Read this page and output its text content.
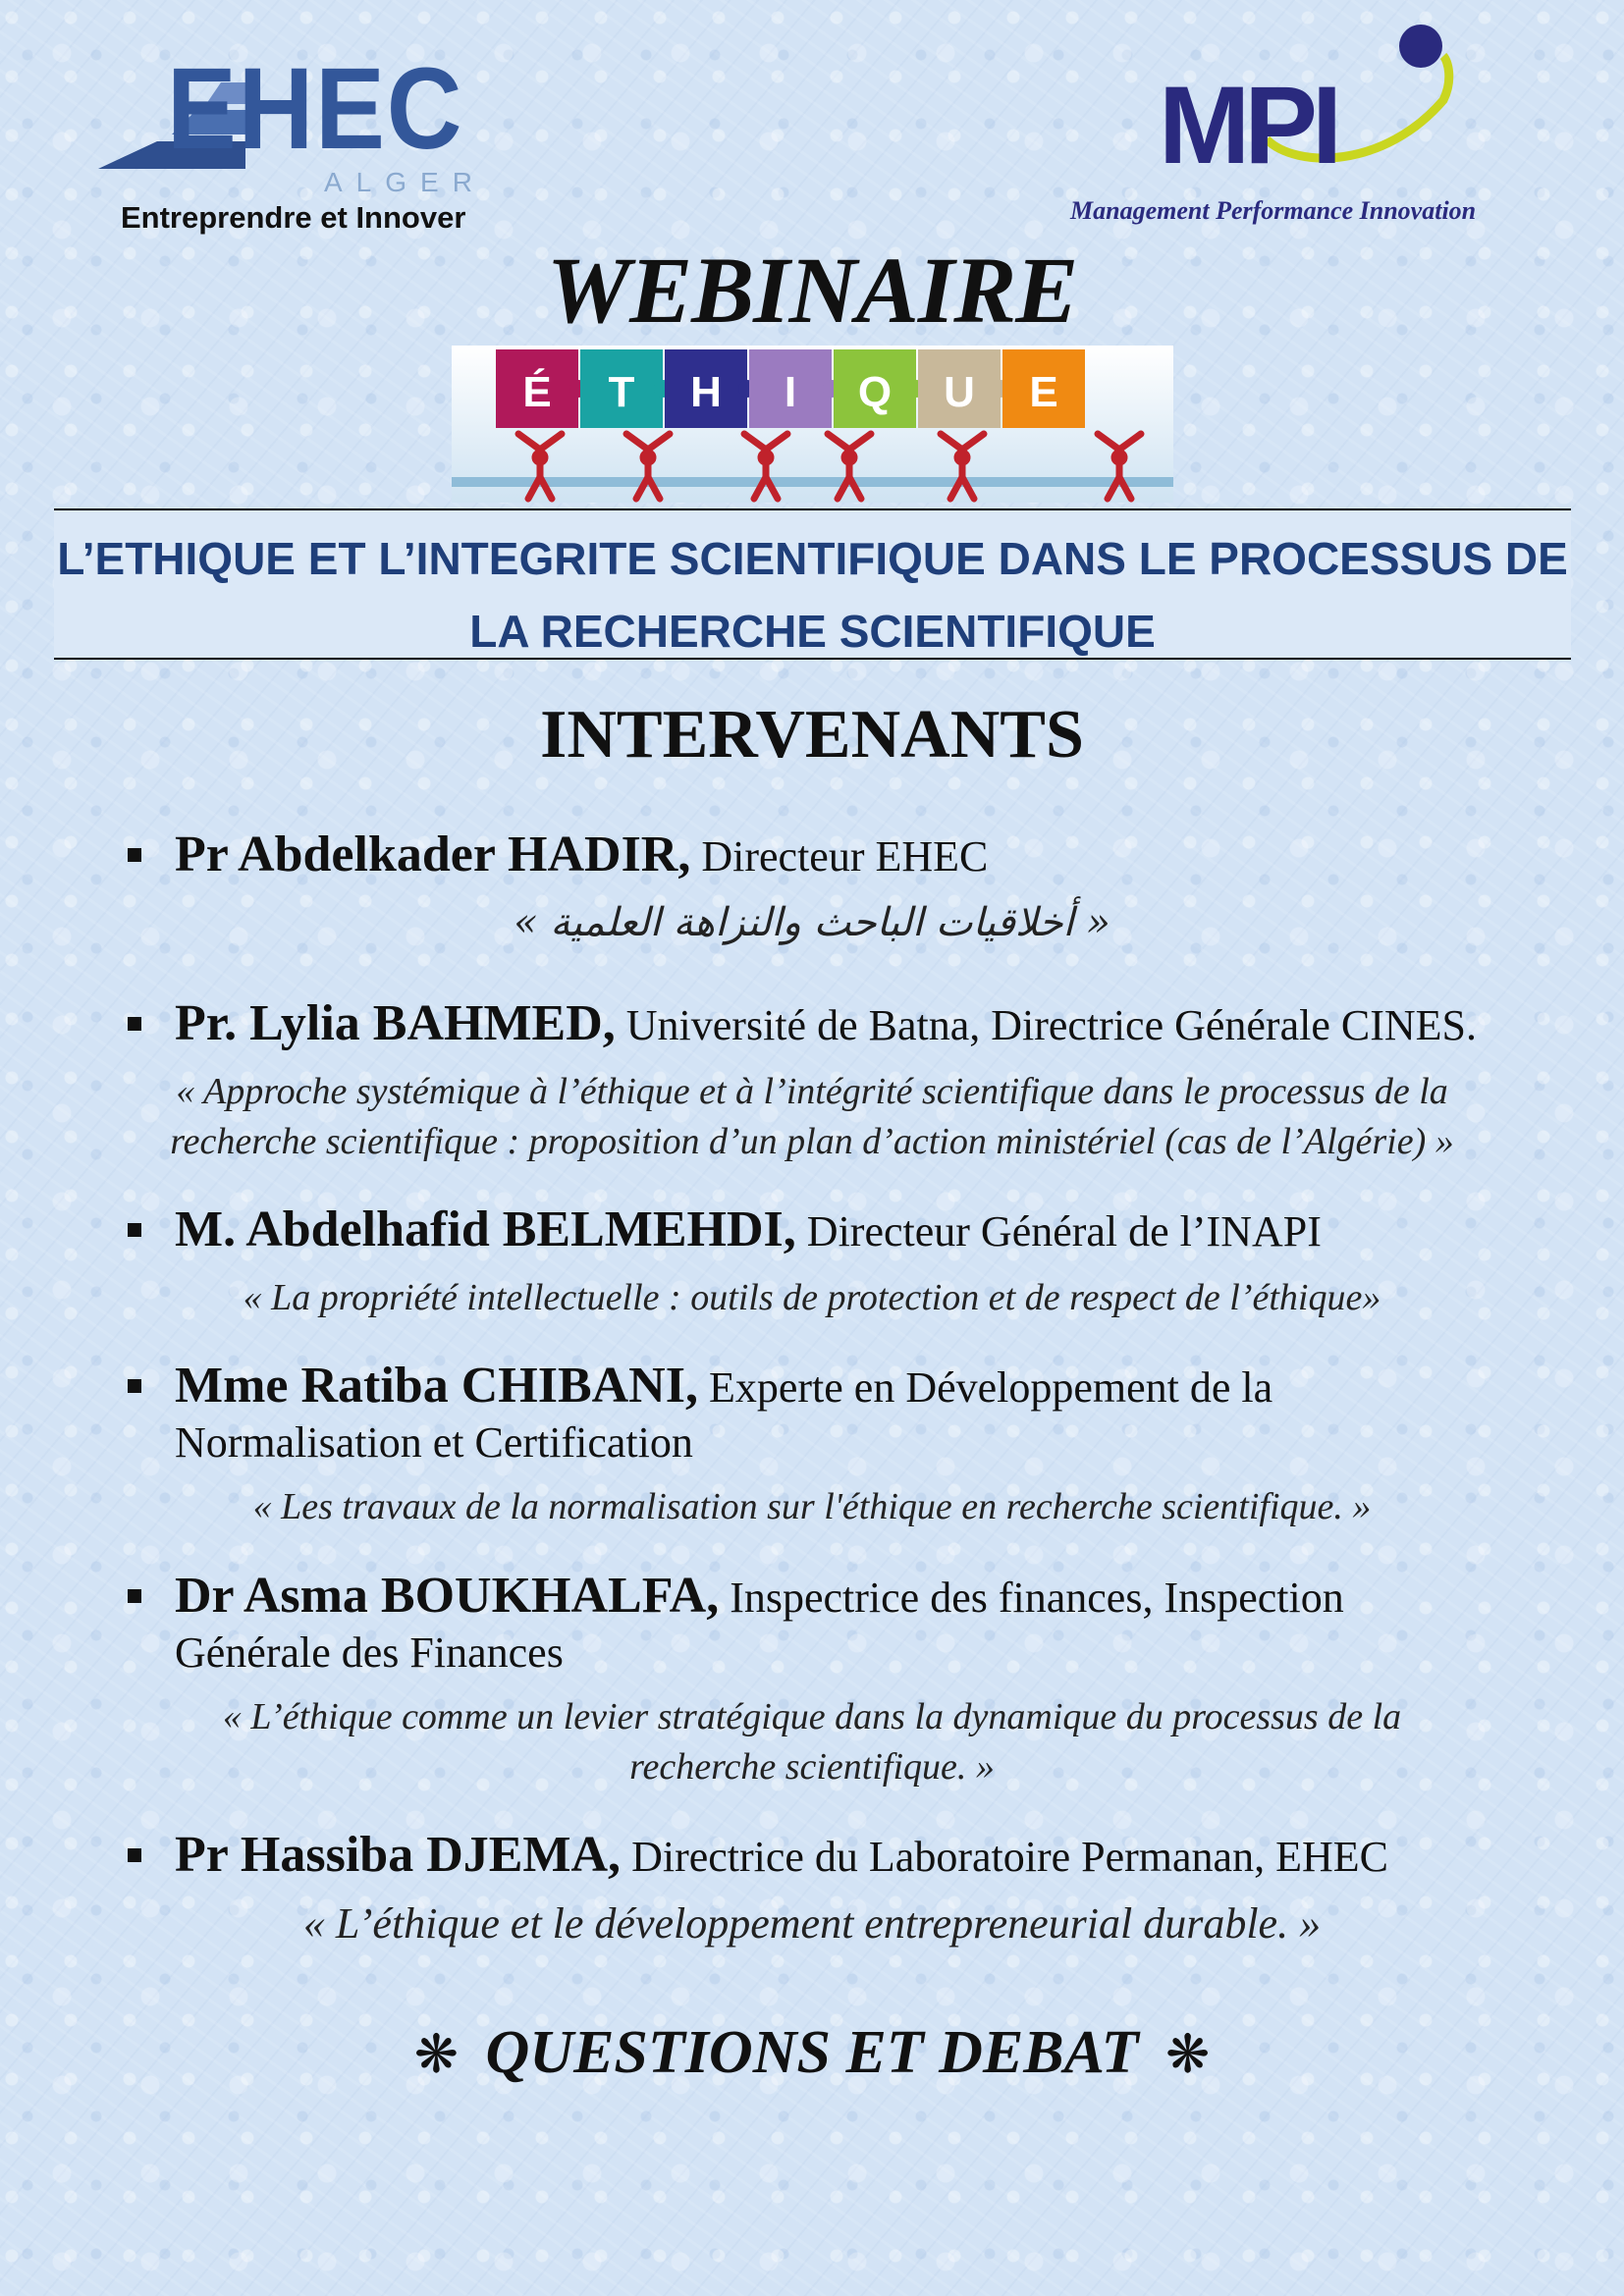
EHEC
ALGER
Entreprendre et Innover
MPI
Management Performance Innovation
WEBINAIRE
É T H I Q U E
L’ETHIQUE ET L’INTEGRITE SCIENTIFIQUE DANS LE PROCESSUS DE LA RECHERCHE SCIENTIFIQUE
INTERVENANTS
Pr Abdelkader HADIR, Directeur EHEC
« أخلاقيات الباحث والنزاهة العلمية »
Pr. Lylia BAHMED, Université de Batna, Directrice Générale CINES.
« Approche systémique à l’éthique et à l’intégrité scientifique dans le processus de la
recherche scientifique : proposition d’un plan d’action ministériel (cas de l’Algérie) »
M. Abdelhafid BELMEHDI, Directeur Général de l’INAPI
« La propriété intellectuelle : outils de protection et de respect de l’éthique»
Mme Ratiba CHIBANI, Experte en Développement de la
Normalisation et Certification
« Les travaux de la normalisation sur l'éthique en recherche scientifique. »
Dr Asma BOUKHALFA, Inspectrice des finances, Inspection
Générale des Finances
« L’éthique comme un levier stratégique dans la dynamique du processus de la
recherche scientifique. »
Pr Hassiba DJEMA, Directrice du Laboratoire Permanan, EHEC
« L’éthique et le développement entrepreneurial durable. »
❋ QUESTIONS ET DEBAT ❋
